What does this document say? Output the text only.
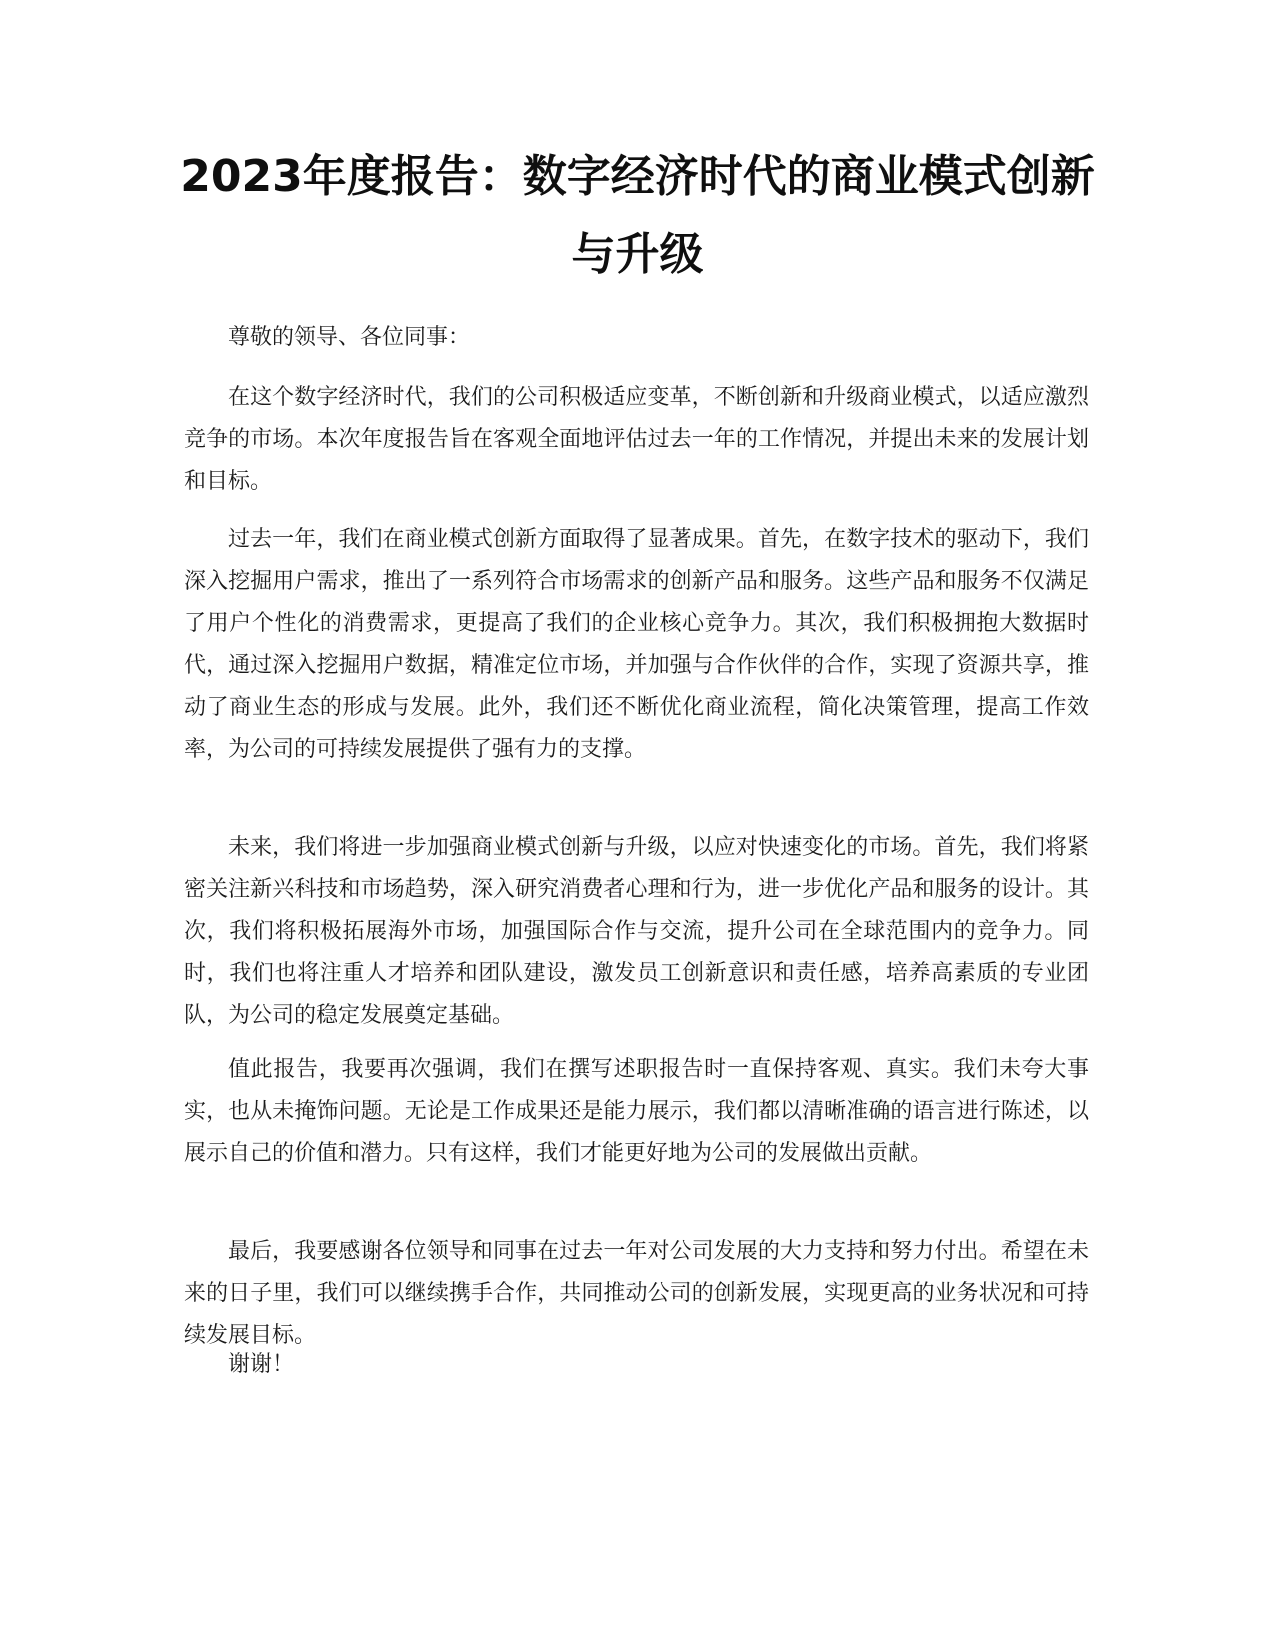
2023年度报告：数字经济时代的商业模式创新与升级

尊敬的领导、各位同事：

在这个数字经济时代，我们的公司积极适应变革，不断创新和升级商业模式，以适应激烈竞争的市场。本次年度报告旨在客观全面地评估过去一年的工作情况，并提出未来的发展计划和目标。

过去一年，我们在商业模式创新方面取得了显著成果。首先，在数字技术的驱动下，我们深入挖掘用户需求，推出了一系列符合市场需求的创新产品和服务。这些产品和服务不仅满足了用户个性化的消费需求，更提高了我们的企业核心竞争力。其次，我们积极拥抱大数据时代，通过深入挖掘用户数据，精准定位市场，并加强与合作伙伴的合作，实现了资源共享，推动了商业生态的形成与发展。此外，我们还不断优化商业流程，简化决策管理，提高工作效率，为公司的可持续发展提供了强有力的支撑。

未来，我们将进一步加强商业模式创新与升级，以应对快速变化的市场。首先，我们将紧密关注新兴科技和市场趋势，深入研究消费者心理和行为，进一步优化产品和服务的设计。其次，我们将积极拓展海外市场，加强国际合作与交流，提升公司在全球范围内的竞争力。同时，我们也将注重人才培养和团队建设，激发员工创新意识和责任感，培养高素质的专业团队，为公司的稳定发展奠定基础。

值此报告，我要再次强调，我们在撰写述职报告时一直保持客观、真实。我们未夸大事实，也从未掩饰问题。无论是工作成果还是能力展示，我们都以清晰准确的语言进行陈述，以展示自己的价值和潜力。只有这样，我们才能更好地为公司的发展做出贡献。

最后，我要感谢各位领导和同事在过去一年对公司发展的大力支持和努力付出。希望在未来的日子里，我们可以继续携手合作，共同推动公司的创新发展，实现更高的业务状况和可持续发展目标。

谢谢！
